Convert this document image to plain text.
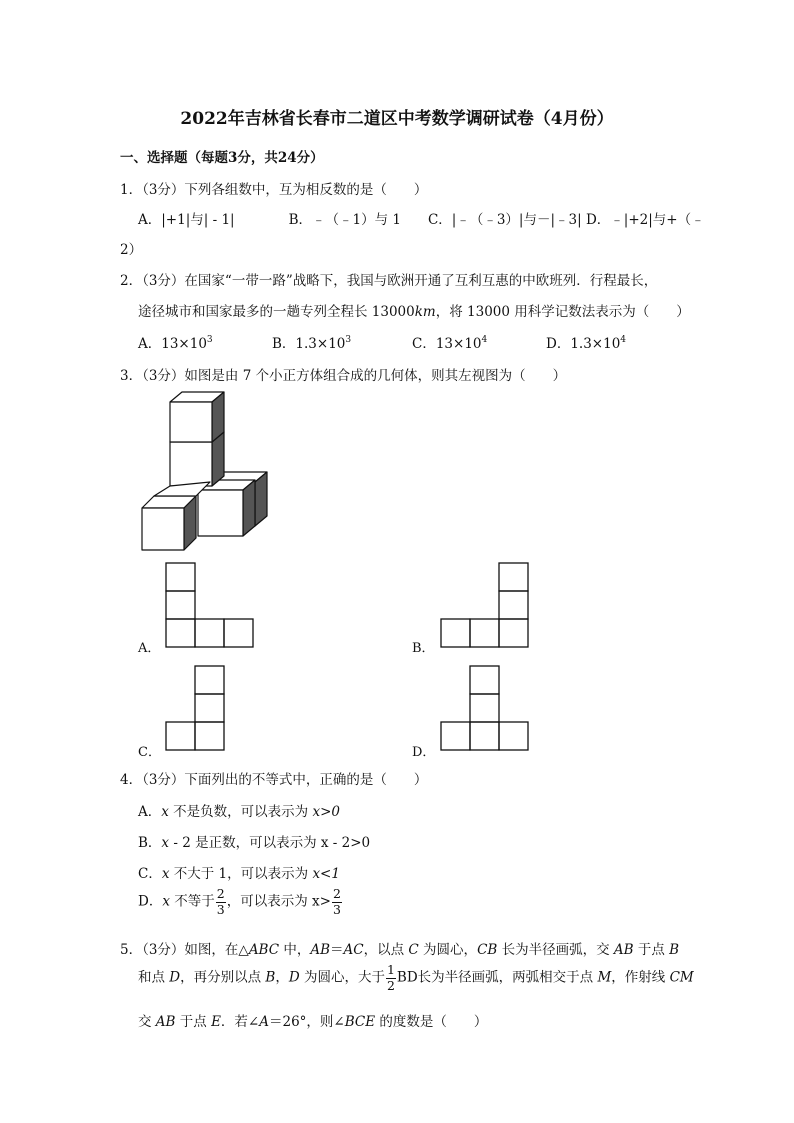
2022年吉林省长春市二道区中考数学调研试卷（4月份）
一、选择题（每题3分，共24分）
1．（3分）下列各组数中，互为相反数的是（　　）
A．|+1|与| - 1|　　　　B．﹣（﹣1）与 1　　C．|﹣（﹣3）|与－|﹣3| D．﹣|+2|与+（﹣
2）
2．（3分）在国家“一带一路”战略下，我国与欧洲开通了互利互惠的中欧班列．行程最长，
途径城市和国家最多的一趟专列全程长 13000km，将 13000 用科学记数法表示为（　　）
A．$13\times 10^3$	B．$1.3\times 10^3$	C．$13\times 10^4$	D．$1.3\times 10^4$
3．（3分）如图是由 7 个小正方体组合成的几何体，则其左视图为（　　）
A．	B．
C．	D．
4．（3分）下面列出的不等式中，正确的是（　　）
A．x 不是负数，可以表示为 x>0
B．x - 2 是正数，可以表示为 x - 2>0
C．x 不大于 1，可以表示为 x<1
D．x 不等于 $\frac{2}{3}$ ，可以表示为 $x> \frac{2}{3}$
5．（3分）如图，在△ABC 中，AB＝AC，以点 C 为圆心，CB 长为半径画弧，交 AB 于点 B
和点 D，再分别以点 B，D 为圆心，大于 $\frac{1}{2}$ BD长为半径画弧，两弧相交于点 M，作射线 CM
交 AB 于点 E．若∠A＝26°，则∠BCE 的度数是（　　）
